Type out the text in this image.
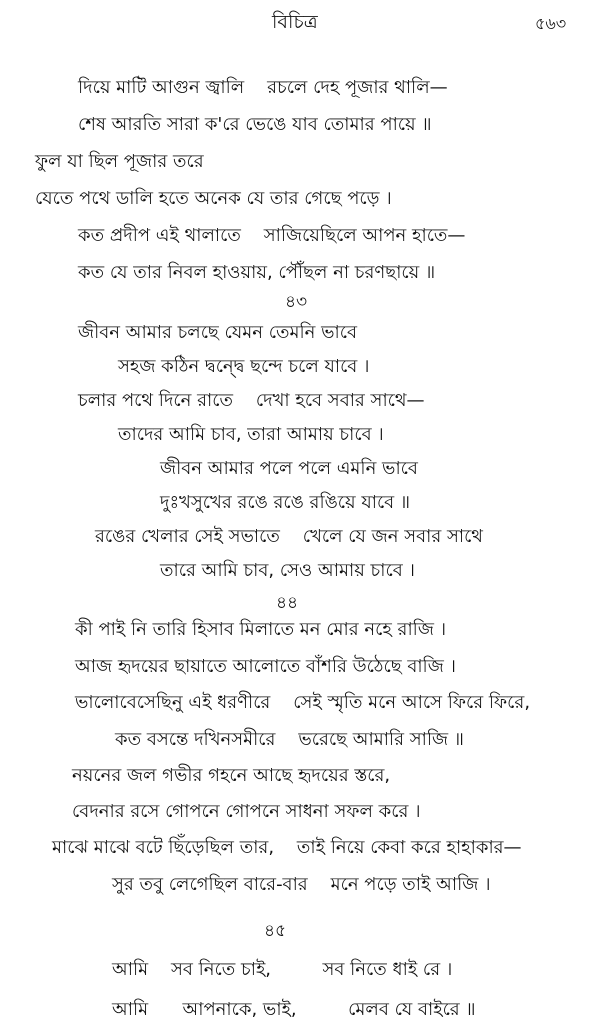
বিচিত্র	৫৬৩
দিয়ে মাটি আগুন জ্বালি    রচলে দেহ পূজার থালি—
শেষ আরতি সারা ক'রে ভেঙে যাব তোমার পায়ে ॥
ফুল যা ছিল পূজার তরে
যেতে পথে ডালি হতে অনেক যে তার গেছে পড়ে ।
কত প্রদীপ এই থালাতে    সাজিয়েছিলে আপন হাতে—
কত যে তার নিবল হাওয়ায়, পৌঁছল না চরণছায়ে ॥
৪৩
জীবন আমার চলছে যেমন তেমনি ভাবে
সহজ কঠিন দ্বন্দ্বে ছন্দে চলে যাবে ।
চলার পথে দিনে রাতে    দেখা হবে সবার সাথে—
তাদের আমি চাব, তারা আমায় চাবে ।
জীবন আমার পলে পলে এমনি ভাবে
দুঃখসুখের রঙে রঙে রঙিয়ে যাবে ॥
রঙের খেলার সেই সভাতে    খেলে যে জন সবার সাথে
তারে আমি চাব, সেও আমায় চাবে ।
৪৪
কী পাই নি তারি হিসাব মিলাতে মন মোর নহে রাজি ।
আজ হৃদয়ের ছায়াতে আলোতে বাঁশরি উঠেছে বাজি ।
ভালোবেসেছিনু এই ধরণীরে    সেই স্মৃতি মনে আসে ফিরে ফিরে,
কত বসন্তে দখিনসমীরে    ভরেছে আমারি সাজি ॥
নয়নের জল গভীর গহনে আছে হৃদয়ের স্তরে,
বেদনার রসে গোপনে গোপনে সাধনা সফল করে ।
মাঝে মাঝে বটে ছিঁড়েছিল তার,    তাই নিয়ে কেবা করে হাহাকার—
সুর তবু লেগেছিল বারে-বার    মনে পড়ে তাই আজি ।
৪৫
আমি    সব নিতে চাই,         সব নিতে ধাই রে ।
আমি      আপনাকে, ভাই,         মেলব যে বাইরে ॥
